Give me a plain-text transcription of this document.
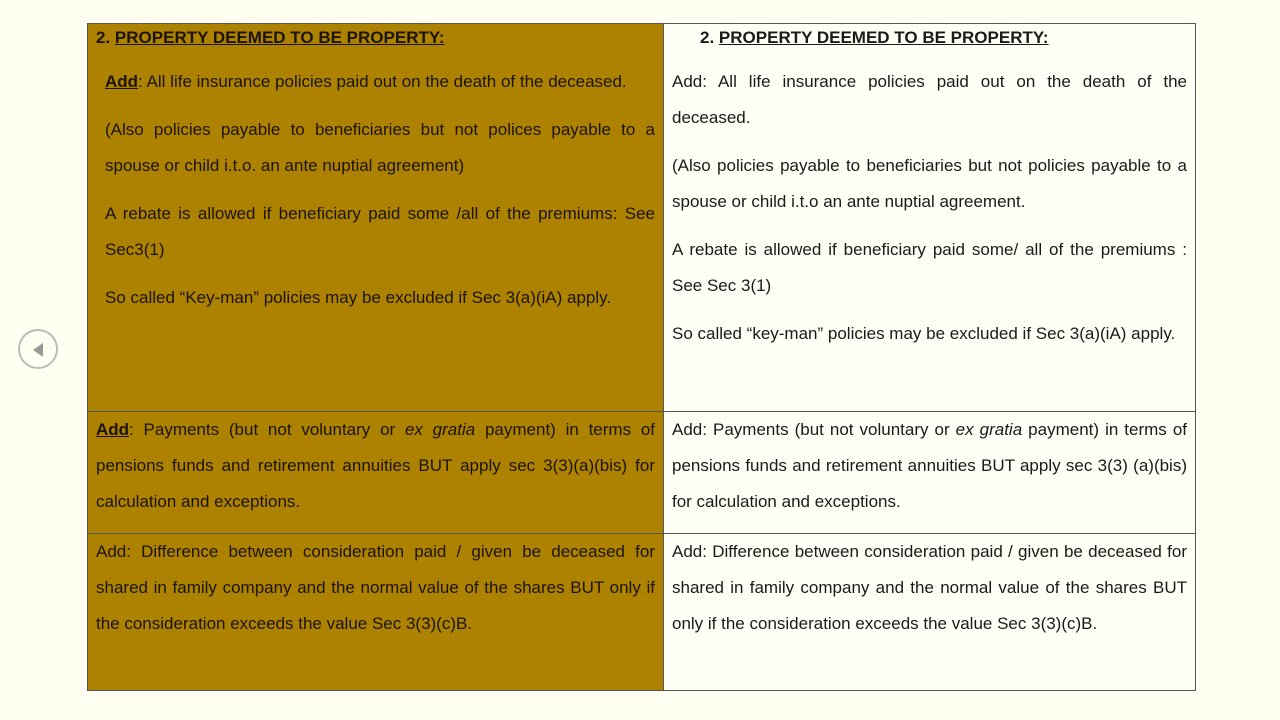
2. PROPERTY DEEMED TO BE PROPERTY:

Add: All life insurance policies paid out on the death of the deceased.

(Also policies payable to beneficiaries but not polices payable to a spouse or child i.t.o. an ante nuptial agreement)

A rebate is allowed if beneficiary paid some /all of the premiums: See Sec3(1)

So called “Key-man” policies may be excluded if Sec 3(a)(iA) apply.

2. PROPERTY DEEMED TO BE PROPERTY:

Add: All life insurance policies paid out on the death of the deceased.

(Also policies payable to beneficiaries but not policies payable to a spouse or child i.t.o an ante nuptial agreement.

A rebate is allowed if beneficiary paid some/ all of the premiums : See Sec 3(1)

So called “key-man” policies may be excluded if Sec 3(a)(iA) apply.

Add: Payments (but not voluntary or ex gratia payment) in terms of pensions funds and retirement annuities BUT apply sec 3(3)(a)(bis) for calculation and exceptions.

Add: Payments (but not voluntary or ex gratia payment) in terms of pensions funds and retirement annuities BUT apply sec 3(3) (a)(bis) for calculation and exceptions.

Add: Difference between consideration paid / given be deceased for shared in family company and the normal value of the shares BUT only if the consideration exceeds the value Sec 3(3)(c)B.

Add: Difference between consideration paid / given be deceased for shared in family company and the normal value of the shares BUT only if the consideration exceeds the value Sec 3(3)(c)B.
